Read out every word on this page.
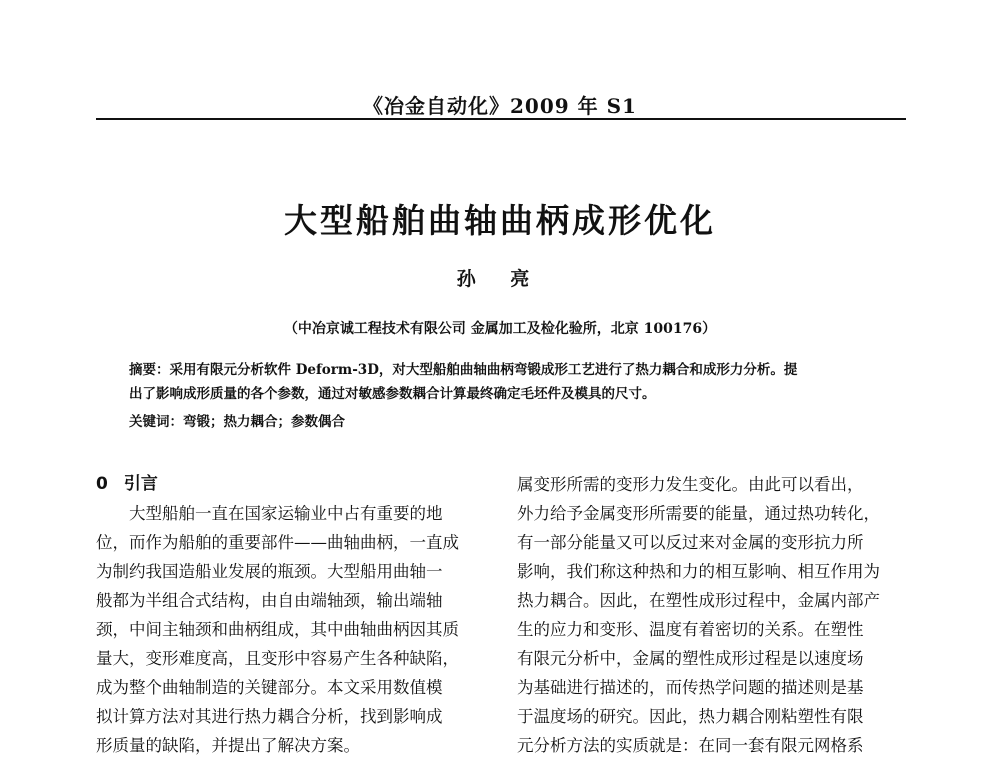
《冶金自动化》2009 年 S1
大型船舶曲轴曲柄成形优化
孙 亮
（中冶京诚工程技术有限公司 金属加工及检化验所，北京 100176）
摘要：采用有限元分析软件 Deform-3D，对大型船舶曲轴曲柄弯锻成形工艺进行了热力耦合和成形力分析。提
出了影响成形质量的各个参数，通过对敏感参数耦合计算最终确定毛坯件及模具的尺寸。
关键词：弯锻；热力耦合；参数偶合
0 引言
大型船舶一直在国家运输业中占有重要的地
位，而作为船舶的重要部件——曲轴曲柄，一直成
为制约我国造船业发展的瓶颈。大型船用曲轴一
般都为半组合式结构，由自由端轴颈，输出端轴
颈，中间主轴颈和曲柄组成，其中曲轴曲柄因其质
量大，变形难度高，且变形中容易产生各种缺陷，
成为整个曲轴制造的关键部分。本文采用数值模
拟计算方法对其进行热力耦合分析，找到影响成
形质量的缺陷，并提出了解决方案。
属变形所需的变形力发生变化。由此可以看出，
外力给予金属变形所需要的能量，通过热功转化，
有一部分能量又可以反过来对金属的变形抗力所
影响，我们称这种热和力的相互影响、相互作用为
热力耦合。因此，在塑性成形过程中，金属内部产
生的应力和变形、温度有着密切的关系。在塑性
有限元分析中，金属的塑性成形过程是以速度场
为基础进行描述的，而传热学问题的描述则是基
于温度场的研究。因此，热力耦合刚粘塑性有限
元分析方法的实质就是：在同一套有限元网格系
